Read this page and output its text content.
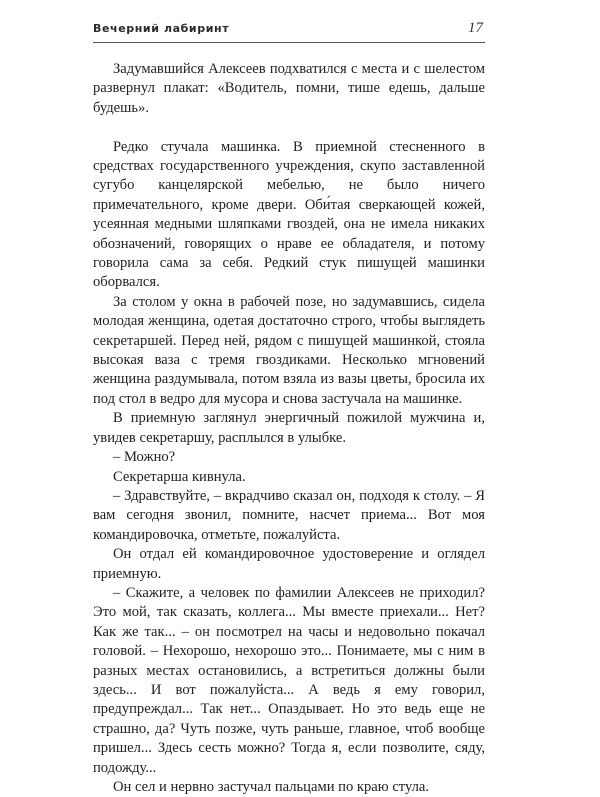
Вечерний лабиринт	17

Задумавшийся Алексеев подхватился с места и с шелестом развернул плакат: «Водитель, помни, тише едешь, дальше будешь».

Редко стучала машинка. В приемной стесненного в средствах государственного учреждения, скупо заставленной сугубо канцелярской мебелью, не было ничего примечательного, кроме двери. Оби́тая сверкающей кожей, усеянная медными шляпками гвоздей, она не имела никаких обозначений, говорящих о нраве ее обладателя, и потому говорила сама за себя. Редкий стук пишущей машинки оборвался.

За столом у окна в рабочей позе, но задумавшись, сидела молодая женщина, одетая достаточно строго, чтобы выглядеть секретаршей. Перед ней, рядом с пишущей машинкой, стояла высокая ваза с тремя гвоздиками. Несколько мгновений женщина раздумывала, потом взяла из вазы цветы, бросила их под стол в ведро для мусора и снова застучала на машинке.

В приемную заглянул энергичный пожилой мужчина и, увидев секретаршу, расплылся в улыбке.

– Можно?

Секретарша кивнула.

– Здравствуйте, – вкрадчиво сказал он, подходя к столу. – Я вам сегодня звонил, помните, насчет приема... Вот моя командировочка, отметьте, пожалуйста.

Он отдал ей командировочное удостоверение и оглядел приемную.

– Скажите, а человек по фамилии Алексеев не приходил? Это мой, так сказать, коллега... Мы вместе приехали... Нет? Как же так... – он посмотрел на часы и недовольно покачал головой. – Нехорошо, нехорошо это... Понимаете, мы с ним в разных местах остановились, а встретиться должны были здесь... И вот пожалуйста... А ведь я ему говорил, предупреждал... Так нет... Опаздывает. Но это ведь еще не страшно, да? Чуть позже, чуть раньше, главное, чтоб вообще пришел... Здесь сесть можно? Тогда я, если позволите, сяду, подожду...

Он сел и нервно застучал пальцами по краю стула.
